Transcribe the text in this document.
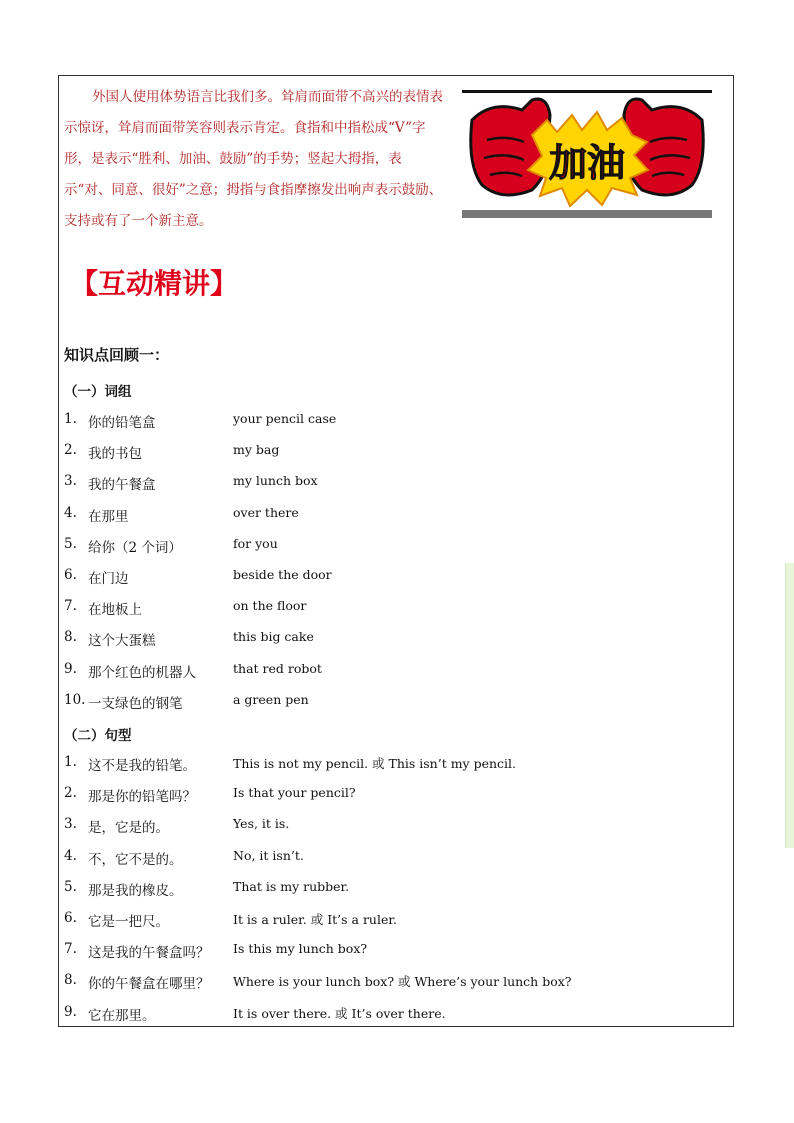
外国人使用体势语言比我们多。耸肩而面带不高兴的表情表示惊讶，耸肩而面带笑容则表示肯定。食指和中指松成“V”字形，是表示“胜利、加油、鼓励”的手势；竖起大拇指，表示“对、同意、很好”之意；拇指与食指摩擦发出响声表示鼓励、支持或有了一个新主意。
加油
【互动精讲】
知识点回顾一：
（一）词组
1. 你的铅笔盒	your pencil case
2. 我的书包	my bag
3. 我的午餐盒	my lunch box
4. 在那里	over there
5. 给你（2 个词）	for you
6. 在门边	beside the door
7. 在地板上	on the floor
8. 这个大蛋糕	this big cake
9. 那个红色的机器人	that red robot
10. 一支绿色的钢笔	a green pen
（二）句型
1. 这不是我的铅笔。	This is not my pencil. 或 This isn’t my pencil.
2. 那是你的铅笔吗？	Is that your pencil?
3. 是，它是的。	Yes, it is.
4. 不，它不是的。	No, it isn’t.
5. 那是我的橡皮。	That is my rubber.
6. 它是一把尺。	It is a ruler. 或 It’s a ruler.
7. 这是我的午餐盒吗？ Is this my lunch box?
8. 你的午餐盒在哪里？ Where is your lunch box? 或 Where’s your lunch box?
9. 它在那里。	It is over there. 或 It’s over there.
